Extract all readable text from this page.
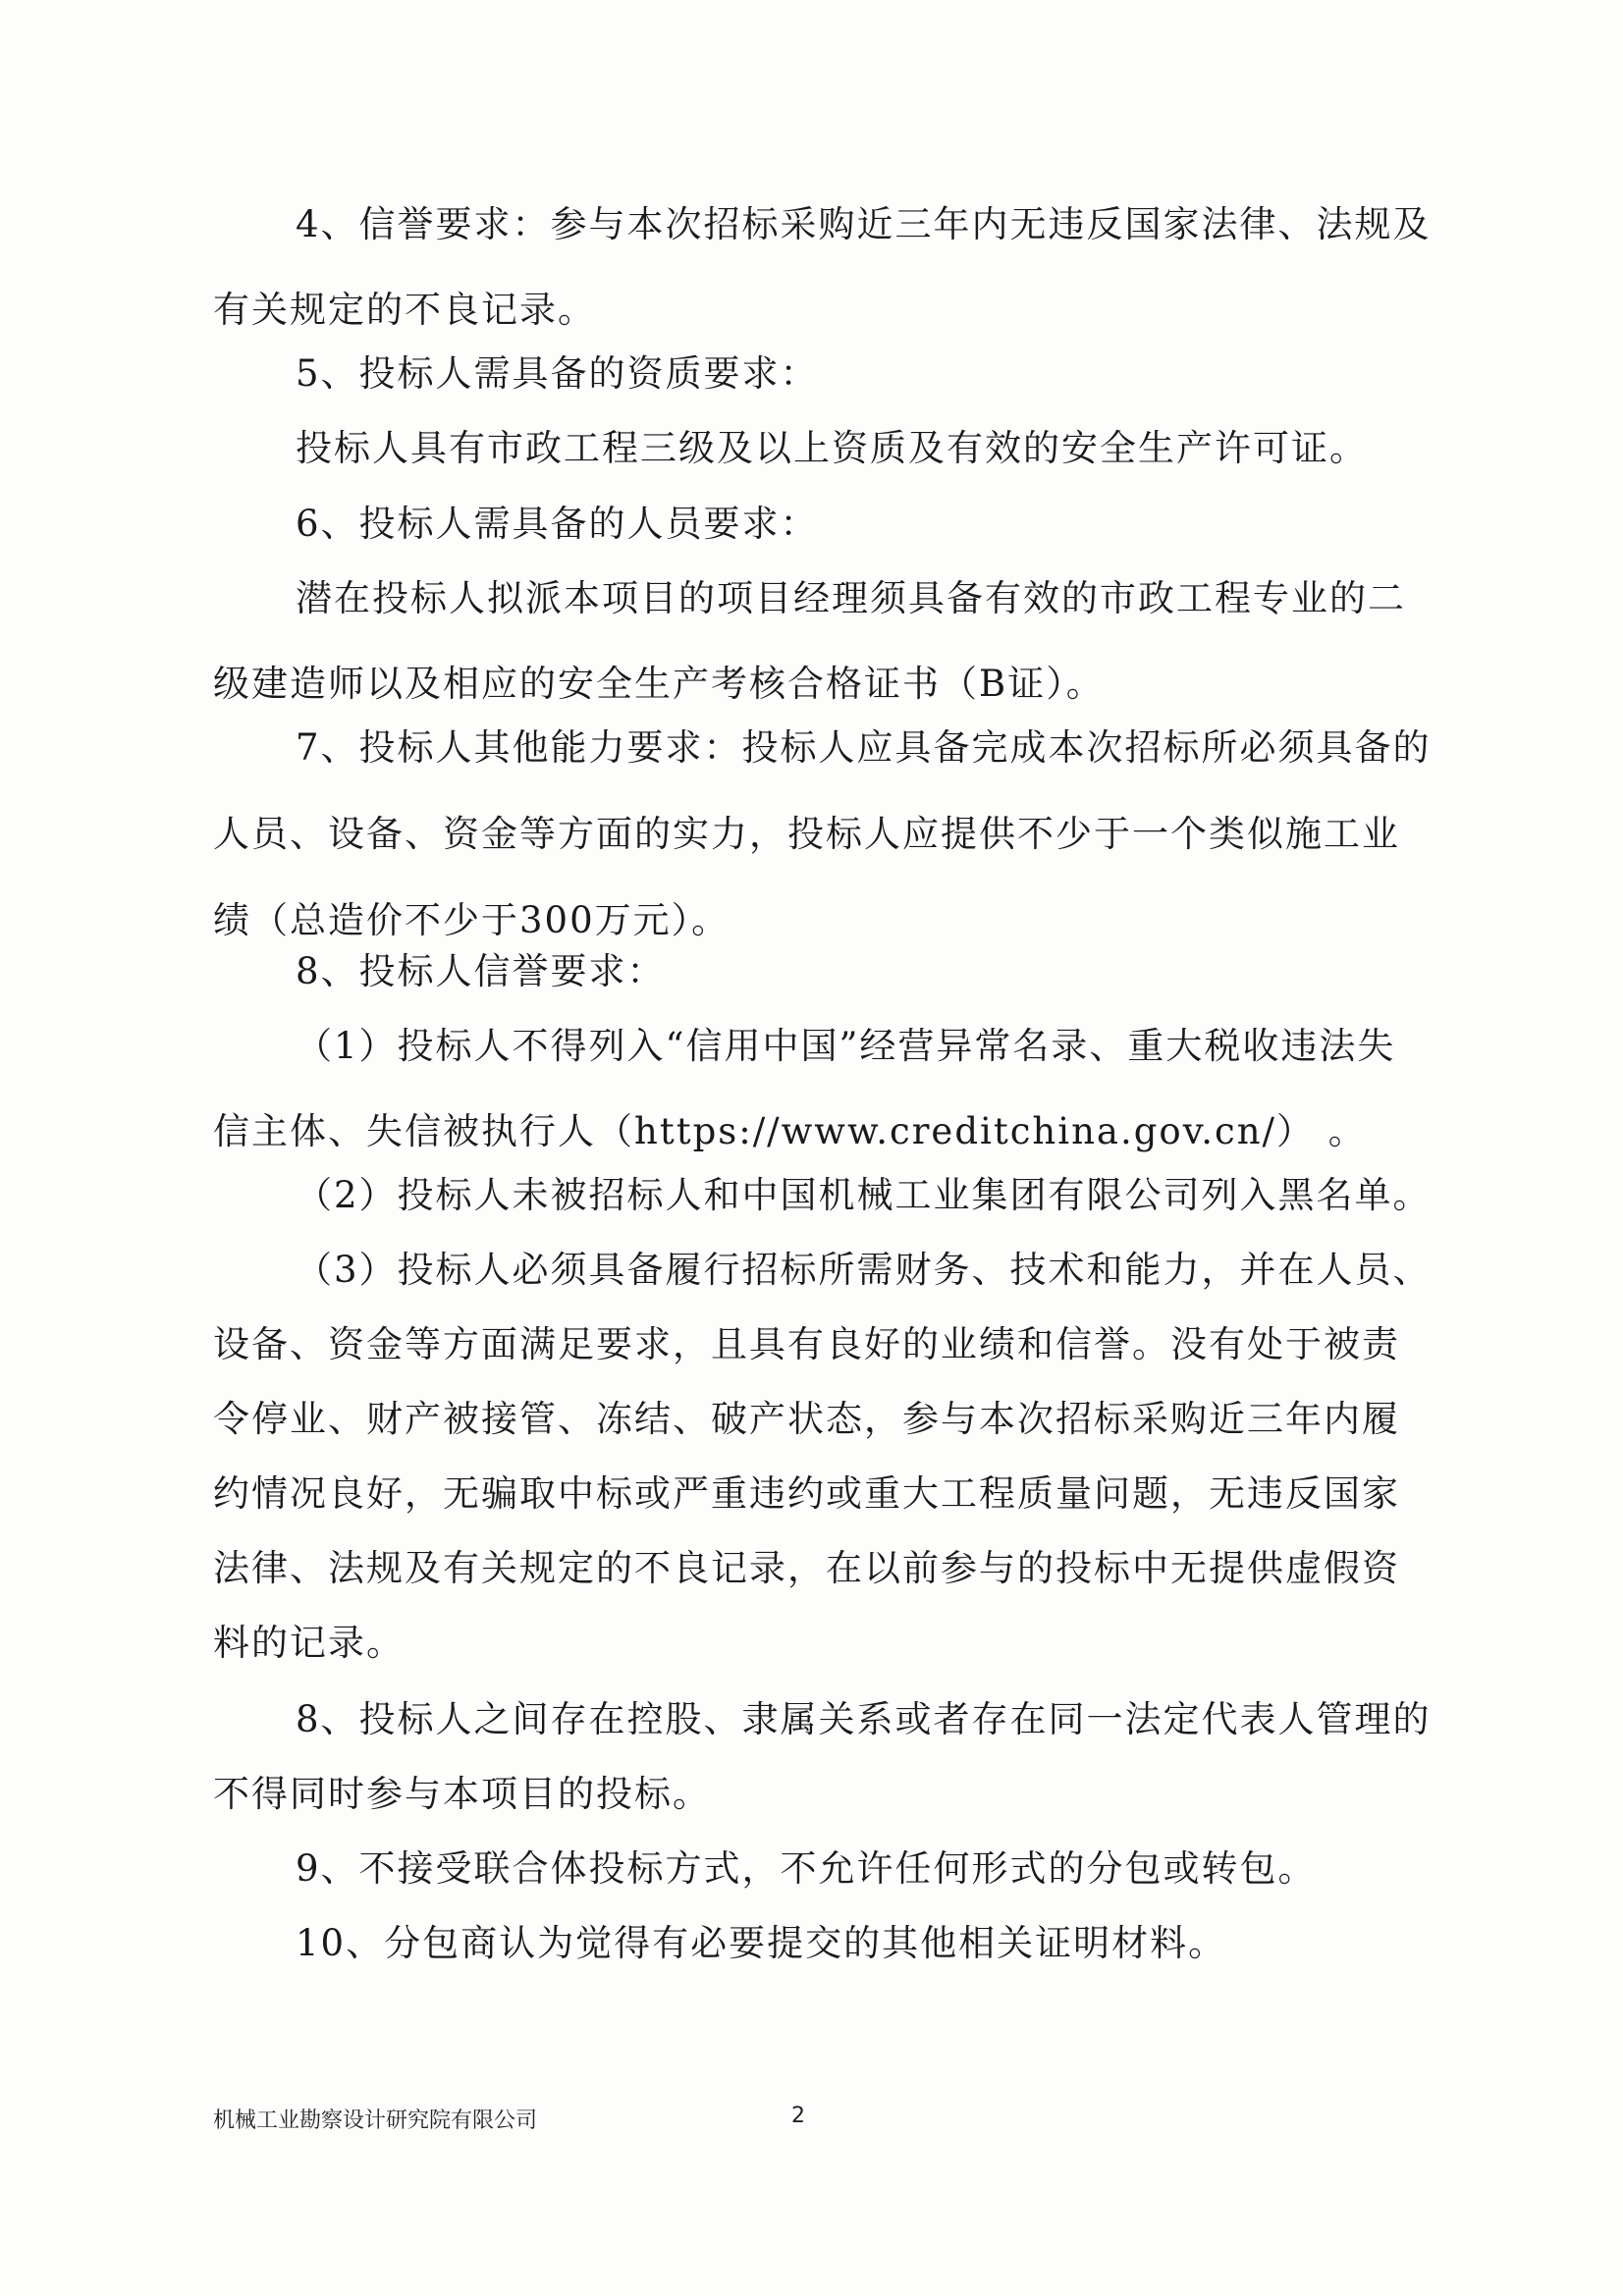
4、信誉要求：参与本次招标采购近三年内无违反国家法律、法规及
有关规定的不良记录。
5、投标人需具备的资质要求：
投标人具有市政工程三级及以上资质及有效的安全生产许可证。
6、投标人需具备的人员要求：
潜在投标人拟派本项目的项目经理须具备有效的市政工程专业的二
级建造师以及相应的安全生产考核合格证书（B证）。
7、投标人其他能力要求：投标人应具备完成本次招标所必须具备的
人员、设备、资金等方面的实力，投标人应提供不少于一个类似施工业
绩（总造价不少于300万元）。
8、投标人信誉要求：
（1）投标人不得列入“信用中国”经营异常名录、重大税收违法失
信主体、失信被执行人（https://www.creditchina.gov.cn/） 。
（2）投标人未被招标人和中国机械工业集团有限公司列入黑名单。
（3）投标人必须具备履行招标所需财务、技术和能力，并在人员、
设备、资金等方面满足要求，且具有良好的业绩和信誉。没有处于被责
令停业、财产被接管、冻结、破产状态，参与本次招标采购近三年内履
约情况良好，无骗取中标或严重违约或重大工程质量问题，无违反国家
法律、法规及有关规定的不良记录，在以前参与的投标中无提供虚假资
料的记录。
8、投标人之间存在控股、隶属关系或者存在同一法定代表人管理的
不得同时参与本项目的投标。
9、不接受联合体投标方式，不允许任何形式的分包或转包。
10、分包商认为觉得有必要提交的其他相关证明材料。
机械工业勘察设计研究院有限公司	2
